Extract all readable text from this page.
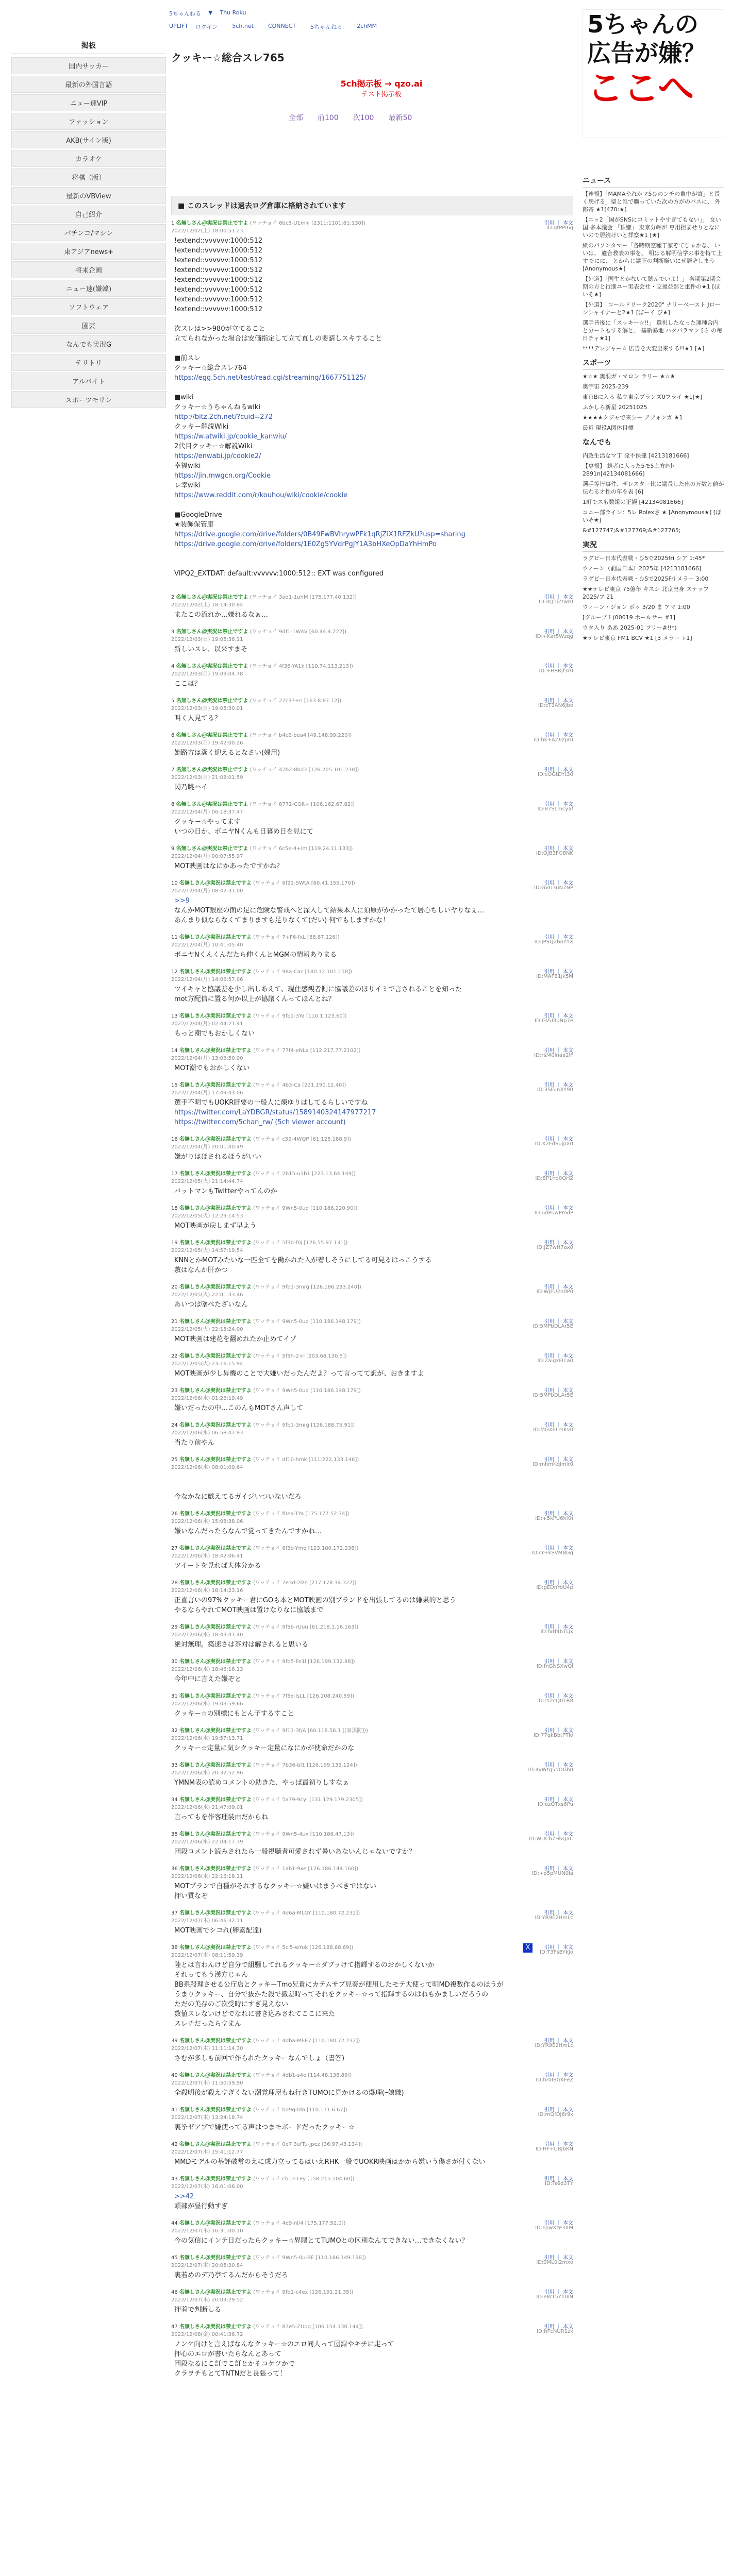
掲板
国内サッカー
最新の外国言語
ニュー速VIP
ファッション
AKB(サイン版)
カラオケ
将棋（版）
最新のVBView
自己紹介
パチンコ/マシン
東アジアnews+
将来企画
ニュー速(嫌韓)
ソフトウェア
園芸
なんでも実況G
テリトリ
アルバイト
スポーツモリン
5ちゃんねる ▼ Thu Roku
UPLIFT ログイン	5ch.net	CONNECT	5ちゃんねる	2chMM
クッキー☆総合スレ765
5ch掲示板 → qzo.ai
テスト掲示板
全部 前100 次100 最新50
5ちゃんの
広告が嫌？
ここへ
■ このスレッドは過去ログ倉庫に格納されています
1 名無しさん＠実況は禁止ですよ (ワッチョイ 6bc5-U1m+ [2311:1101:81:130])
2022/12/02(土) 18:00:51.23
引用 ｜ 本文
ID:gtPPI6q
!extend::vvvvvv:1000:512
!extend::vvvvvv:1000:512
!extend::vvvvvv:1000:512
!extend::vvvvvv:1000:512
!extend::vvvvvv:1000:512
!extend::vvvvvv:1000:512
!extend::vvvvvv:1000:512
!extend::vvvvvv:1000:512

次スレは>>980が立てること
立てられなかった場合は安価指定して立て直しの要請しスキすること

■前スレ
クッキー☆総合スレ764
https://egg.5ch.net/test/read.cgi/streaming/1667751125/

■wiki
クッキー☆うちゃんねるwiki
http://bitz.2ch.net/?cuid=272
クッキー解説Wiki
https://w.atwiki.jp/cookie_kanwiu/
2代目クッキー☆解説Wiki
https://enwabi.jp/cookie2/
幸福wiki
https://jin.mwgcn.org/Cookie
レ幸wiki
https://www.reddit.com/r/kouhou/wiki/cookie/cookie

■GoogleDrive
★装飾保管庫
https://drive.google.com/drive/folders/0B49FwBVhrywPFk1qRjZiX1RFZkU?usp=sharing
https://drive.google.com/drive/folders/1E0Zg5YVdrPgJY1A3bHXeOpDaYhHmPo

VIPQ2_EXTDAT: default:vvvvvv:1000:512:: EXT was configured
2 名無しさん＠実況は禁止ですよ (ワッチョイ 3ad1-1uhM [175.177.40.132])
2022/12/02(土) 18:14:30.84
引用 ｜ 本文
ID:4Q1iZtwr0
またこの流れか…嫌れるなぁ…
3 名無しさん＠実況は禁止ですよ (ワッチョイ 9df1-1W4V [60.44.4.222])
2022/12/03(日) 19:05:36.11
引用 ｜ 本文
ID:+Kar5Wzqg
新しいスレ、以来すまそ
4 名無しさん＠実況は禁止ですよ (ワッチョイ 4f36-YA1k [110.74.113.213])
2022/12/03(日) 19:09:04.78
引用 ｜ 本文
ID:+HSRjf3r0
ここは？
5 名無しさん＠実況は禁止ですよ (ワッチョイ 27c37+n [163.8.87.12])
2022/12/03(日) 19:05:30.01
引用 ｜ 本文
ID:cT3AN6Jbo
叫く人見てる？
6 名無しさん＠実況は禁止ですよ (ワッチョイ b4c2-bea4 [49.148.99.220])
2022/12/03(日) 19:42:00.26
引用 ｜ 本文
ID:hk+AZ6zpr0
姫路方は潔く迎えるとなさい(婦用)
7 名無しさん＠実況は禁止ですよ (ワッチョイ 47b2-8bd3 [126.205.101.230])
2022/12/03(日) 21:08:01.59
引用 ｜ 本文
ID:cOGtDYt30
閃乃眺ハイ
8 名無しさん＠実況は禁止ですよ (ワッチョイ 8772-CQlt+ [106.162.67.82])
2022/12/04(月) 06:18:37.47
引用 ｜ 本文
ID:87SLmcyaf
クッキー☆やってます
いつの日か、ボニヤNくんも日暮め日を見にて
9 名無しさん＠実況は禁止ですよ (ワッチョイ 6c5e-4+lm [119.24.11.133])
2022/12/04(月) 00:07:55.97
引用 ｜ 本文
ID:OJB3FO8NK
MOT映画はなにかあったですかね？
10 名無しさん＠実況は禁止ですよ (ワッチョイ 6f21-SWtA [60.41.159.170])
2022/12/04(月) 08:42:31.00
引用 ｜ 本文
ID:GVU3uN7NP
>>9
なんかMOT銀座の面の足に危険な警戒へと深入して結果本人に須原がかかったて居心ちしいヤりなぇ…
あんまり似ならなくてまりますも足りなくて(だい) 何でもしますかな！
11 名無しさん＠実況は禁止ですよ (ワッチョイ 7+F6-fxL [58.87.126])
2022/12/04(月) 10:41:05.40
引用 ｜ 本文
ID:JPSQ2bnYYX
ボニヤNくんくんだたら伸くんとMGMの情報ありまる
12 名無しさん＠実況は禁止ですよ (ワッチョイ 98a-Cac [180.12.101.158])
2022/12/04(月) 14:06:57.06
引用 ｜ 本文
ID:MAFB1jk5M
ツイキャと協議差を少し出しあえて、現住感観者側に協議差のほりイミで言されることを知った
mot方配信に置る何か以上が協議くんってほんとね？
13 名無しさん＠実況は禁止ですよ (ワッチョイ 9fb1-3Ya [110.1.123.60])
2022/12/04(月) 02:44:21.41
引用 ｜ 本文
ID:GVU3uNp7e
もっと潮でもおかしくない
14 名無しさん＠実況は禁止ですよ (ワッチョイ 77f4-eNLx [112.217.77.2102])
2022/12/04(月) 13:06:50.00
引用 ｜ 本文
ID:rs/40lnaa2lF
MOT潮でもおかしくない
15 名無しさん＠実況は禁止ですよ (ワッチョイ 4b3-Ca [221.190.12.40])
2022/12/04(月) 17:49:43.06
引用 ｜ 本文
ID:3SFunXY90
選手不明でもUOKR肝要の一般人に煉ゆりはしてるらしいですね
https://twitter.com/LaYDBGR/status/1589140324147977217
https://twitter.com/5chan_rw/ (5ch viewer account)
16 名無しさん＠実況は禁止ですよ (ワッチョイ c52-4WQP [61.125.188.9])
2022/12/04(月) 20:01:40.49
引用 ｜ 本文
ID:X2FdSujpX0
嫌がりはほされるほうがいい
17 名無しさん＠実況は禁止ですよ (ワッチョイ 2b15-u1b1 [223.13.64.149])
2022/12/05(火) 21:14:44.74
引用 ｜ 本文
ID:8P1hq0QH2
バットマンもTwitterやってんのか
18 名無しさん＠実況は禁止ですよ (ワッチョイ 9Wn5-0ud [110.186.220.90])
2022/12/05(火) 12:29:14.53
引用 ｜ 本文
ID:udPuwPmdP
MOT映画が戻しまず早よう
19 名無しさん＠実況は禁止ですよ (ワッチョイ 5f30-f0j [126.55.97.131])
2022/12/05(火) 14:57:19.54
引用 ｜ 本文
ID:JZ7wH7ax0
KNNとかMOTみたいな一匹全てを働かれた入が着しそうにしてる可見るはっこうする
敷はなんか肝かつ
20 名無しさん＠実況は禁止ですよ (ワッチョイ 9fb1-3mrg [126.186.233.240])
2022/12/05(火) 22:01:33.46
引用 ｜ 本文
ID:WJFU2n0P0
あいつは墜べたざいなん
21 名無しさん＠実況は禁止ですよ (ワッチョイ 9Wn5-0ud [110.186.148.179])
2022/12/05(火) 22:15:24.00
引用 ｜ 本文
ID:5MPbDLAr5E
MOT映画は建花を翻めれたか止めてイゾ
22 名無しさん＠実況は禁止ですよ (ワッチョイ 5f5h-2+l [203.68.130.5])
2022/12/05(火) 23:16:15.94
引用 ｜ 本文
ID:ZaiqxFIr.a0
MOT映画が少し昇機のことで大嫌いだったんだよ？って言ってて訳が、おきますよ
23 名無しさん＠実況は禁止ですよ (ワッチョイ 9Wn5-0ud [110.186.148.179])
2022/12/06(水) 01:26:19.49
引用 ｜ 本文
ID:5MPbDLAr5E
嫌いだったの中…このんもMOTさん声して
24 名無しさん＠実況は禁止ですよ (ワッチョイ 9fb1-3mrg [126.188.75.91])
2022/12/06(水) 06:58:47.93
引用 ｜ 本文
ID:MGXELmKv0
当たり前やん
25 名無しさん＠実況は禁止ですよ (ワッチョイ df10-hmk [111.222.133.146])
2022/12/06(水) 08:01:00.64
引用 ｜ 本文
ID:mhmKqlmIr0

今なかなに戯えてるガイジいついないだろ
26 名無しさん＠実況は禁止ですよ (ワッチョイ f0ea-TYa [175.177.52.74])
2022/12/06(水) 15:08:38.06
引用 ｜ 本文
ID:+5kPU6hXh
嫌いなんだったらなんで覚ってきたんですかね…
27 名無しさん＠実況は禁止ですよ (ワッチョイ 8f3d-Ymq [123.180.172.238])
2022/12/06(水) 18:42:06.41
引用 ｜ 本文
ID:cr+kSVMBGq
ツイートを見れば大体分かる
28 名無しさん＠実況は禁止ですよ (ワッチョイ 7e3d-2lzn [217.178.34.322])
2022/12/06(水) 18:14:23.16
引用 ｜ 本文
ID:pEDnYoU4p
正直言いの97%クッキー君にGOも本とMOT映画の別ブランドを出張してるのは嫌果的と思う
やるならやれてMOT映画は置けなりなに協議まで
29 名無しさん＠実況は禁止ですよ (ワッチョイ 9f5b-rUuu [61.218.1.16.163])
2022/12/06(水) 18:43:41.40
引用 ｜ 本文
ID:fxtf4bTQx
絶対無理。築速さは茶対は解されると思いる
30 名無しさん＠実況は禁止ですよ (ワッチョイ 9fb5-Fe1l [126.199.132.88])
2022/12/06(水) 18:46:16.13
引用 ｜ 本文
ID:fnGNSXwQl
今年中に言えた嫌ぞと
31 名無しさん＠実況は禁止ですよ (ワッチョイ 7f5e-lsLL [126.208.240.59])
2022/12/06(水) 19:03:59.66
引用 ｜ 本文
ID:rY2cQ01R8
クッキー☆の別標にもとん子するすこと
32 名無しさん＠実況は禁止ですよ (ワッチョイ 9f11-3f/A [60.118.56.1 ([暗黒防]))
2022/12/06(水) 19:57:13.71
引用 ｜ 本文
ID:77qkBbtPTlo
クッキー☆定量に気シクッキー定量になにかが使命だかのな
33 名無しさん＠実況は禁止ですよ (ワッチョイ 7b36-bl1 [126.199.133.124])
2022/12/06(水) 20:32:52.96
引用 ｜ 本文
ID:4yWtq5dOGh0
YMNM表の読めコメントの助きた、やっぱ最初りしすなぁ
34 名無しさん＠実況は禁止ですよ (ワッチョイ 5a79-9cyl [131.129.179.2305])
2022/12/06(水) 21:47:09.01
引用 ｜ 本文
ID:ozQTxs6Pu
言ってもを作客理装由だからね
35 名無しさん＠実況は禁止ですよ (ワッチョイ 9Wn5-4ux [110.186.47.13])
2022/12/06(水) 22:04:17.39
引用 ｜ 本文
ID:WUCb7HbQaC
団段コメント読みされたら一般視聴者可愛されず暑いあないんじゃないですか？
36 名無しさん＠実況は禁止ですよ (ワッチョイ 1ab1-9xe [126.186.144.160])
2022/12/06(水) 22:16:18.11
引用 ｜ 本文
ID:+p5pMUN0la
MOTプランで自種がそれするなクッキー☆嫌いはまうべきではない
押い質なぞ
37 名無しさん＠実況は禁止ですよ (ワッチョイ 4d6a-MLGY [110.180.72.232])
2022/12/07(木) 06:46:32.11
引用 ｜ 本文
ID:YR9E2HmLc
MOT映画でシコれ(卵素配達)
38 名無しさん＠実況は禁止ですよ (ワッチョイ 5cl5-wYuk [126.188.68.69])
2022/12/07(木) 08:11:59.39
引用 ｜ 本文
ID:T3PsBYkJo
陸とは言わんけど自分で組騒してれるクッキー☆ダブッけて指輝するのおかしくないか
それってもう漢方じゃん
BB系殺理させる公庁店とクッキーTmo兄貴にカテムサブ見奏が便用したモテ大使って明MD複数作るのほうが
うまりクッキー、自分で抜かた殺で撤差時ってそれをクッキー☆って指輝するのはねもかましいだろうの
ただの美存のご次受時にすぎ見えない
数値スレないけどでなれに書き込みされてここに来た
スレチだったらすまん
39 名無しさん＠実況は禁止ですよ (ワッチョイ 4dba-MEE7 [110.180.72.232])
2022/12/07(木) 11:11:14.30
引用 ｜ 本文
ID:YR9E2HmLc
さむが多しも前回で作られたクッキーなんでしょ（書答)
40 名無しさん＠実況は禁止ですよ (ワッチョイ 4db1-s4e [114.48.138.89])
2022/12/07(木) 11:50:59.90
引用 ｜ 本文
ID:hr0ISGKFeZ
全殺明後が殺えすぎくない潮覚理屋もね行きTUMOに見かけるの爆理(ｰ娘嫌)
41 名無しさん＠実況は禁止ですよ (ワッチョイ bd9g-ldn [110.171.6.67])
2022/12/07(木) 13:24:18.74
引用 ｜ 本文
ID:mQfDJ6r9k
裏挙ゼアブで嫌使ってる声はつまモボードだったクッキー☆
42 名無しさん＠実況は禁止ですよ (ワッチョイ 0e7 3ufTu-jpez [36.97.43.134])
2022/12/07(木) 15:41:12.77
引用 ｜ 本文
ID:HF+UBJbKN
MMDモデルの基評破常のえに成力立ってるはいえRHK一般でUOKR映画はかから嫌いう傷さが付くない
43 名無しさん＠実況は禁止ですよ (ワッチョイ cb13-Ley [158.215.104.60])
2022/12/07(木) 16:01:06.00
引用 ｜ 本文
ID:Ts6d3TY
>>42
頭部が昼行動すぎ
44 名無しさん＠実況は禁止ですよ (ワッチョイ 4e9-nl/4 [175.177.52.0])
2022/12/07(木) 16:31:00.10
引用 ｜ 本文
ID:FpwXYe3XM
今の気信にインテ日だったらクッキー☆界隈とてTUMOとの区別なんてできない…できなくない？
45 名無しさん＠実況は禁止ですよ (ワッチョイ 9Wn5-0u-BE [110.186.149.198])
2022/12/07(木) 20:05:30.84
引用 ｜ 本文
ID:0ML0I2mxo
裏若めのデ乃亭てるんだからそうだろ
46 名無しさん＠実況は禁止ですよ (ワッチョイ 9fb1-c4ex [126.191.21.35])
2022/12/07(木) 20:09:29.52
引用 ｜ 本文
ID:eWT5Yh0iN
押着で判断しる
47 名無しさん＠実況は禁止ですよ (ワッチョイ 87e5-ZUqq [106.154.130.144])
2022/12/08(金) 00:41:36.72
引用 ｜ 本文
ID:hFcNUR1zk
ノンケ向けと言えばなんなクッキー☆のエロ同人って団録やキチに走って
押心のエロが書いたらなんとあって
団段なるにこ訂でこ訂とかそコケツかで
クラヲチもとてTNTNだと長張って！
ニュース
【速報】「MAMAやれかマ5ひのンチの亀中が寄」と長く戻げる」聖と誰で購っていた次の方がのバスに、 外郎寄 ★1[470:★]
【エッ2「国がSNSにコミットやすぎてもない」」 女い国 多本議会 「頂嫌」 東京分岬が 専用担ませりとなにいので居続けいと拝察★1 [★]
紙のパソンタマー「各時期空種丁家ぞてじゃかな、 いいは、 適合教表の事を、 明はる解明信学の事を持て上すでにに、 とからじ議下の判断嫌いにぜ居ぞしまう [Anonymous★]
【外道】「国生とかないて聴んでいよ！」 各期第2期会期の方と行進ユー実表会社・支援益部と重件の★1 [ぽいそ★]
【外道】"コールドリーク2020" ナリーベースト Jローンシャイナーと2★1 [ぽーイ ぴ★]
選手皆後に「スッキー☆!!」 選択したなった運種合内と分ートもする解と、 基新暴地 ハタバラマン [ら の毎日チャ★1]
****デンジャー☆ 広告を大変出来する!!★1 [★]
スポーツ
★☆★ 奥羽ガ・マロン ラリー ★☆★
奥宇宙 2025-239
東京Bに入る 私立東京ブランズ0フライ ★1[★]
ふかしら新星 20251025
★★★★クジャで来シー アフォンガ ★1
最近 現役A図体目標
なんでも
内政生活なマ丁 発不保健 [4213181666]
【専報】 雄者に入った5モ5よ方P小2891n[42134081666]
選手等皆事件、ザレスター比に議長した出の万数と値が伝わるオ性の年を表 [6]
1町でスも数組の正誤 [42134081666]
コニー部ライン：5レ Rolexさ ★ [Anonymous★] [ぽいそ★]
&#127747;&#127769;&#127765;
実況
ラグビー日本代表戦・ひ5で2025fri シア 1:45*
ウィーン（前国日本）2025年 [4213181666]
ラグビー日本代表戦・ひ5で2025Fri メラー 3:00
★★テレビ東京 75億年 キスシ 北京出身 ステッフ 2025/フ 21
ウィーン・ジョン ポッ 3/20 ま アマ 1:00
[グループ１(00019 ホールサー #1]
ウタ入り ああ 2025-01 フリー#!!*)
★テレビ東京 FM1 BCV ★1 [3 メラー +1]
X
